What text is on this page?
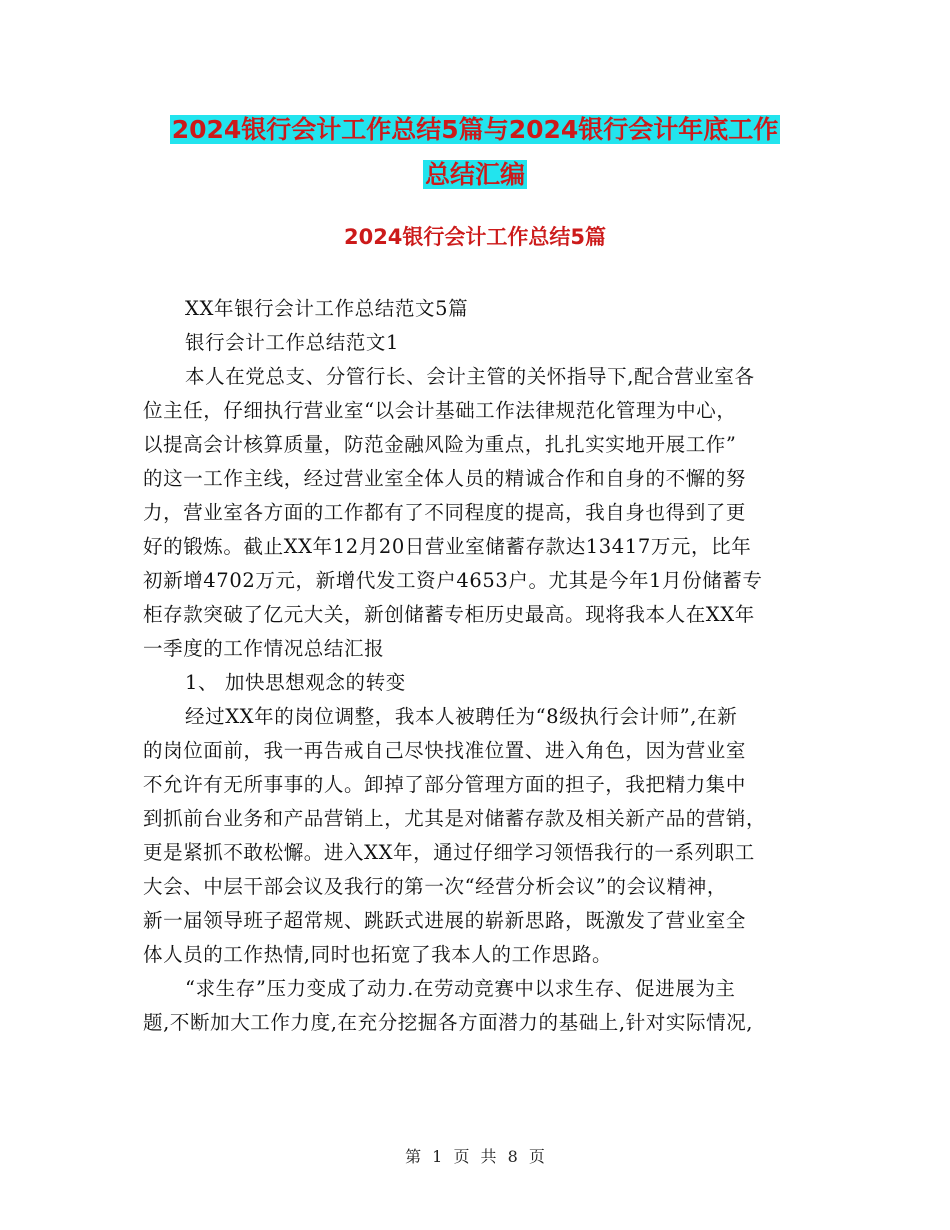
2024银行会计工作总结5篇与2024银行会计年底工作
总结汇编
2024银行会计工作总结5篇
XX年银行会计工作总结范文5篇
银行会计工作总结范文1
本人在党总支、分管行长、会计主管的关怀指导下,配合营业室各
位主任，仔细执行营业室“以会计基础工作法律规范化管理为中心，
以提高会计核算质量，防范金融风险为重点，扎扎实实地开展工作”
的这一工作主线，经过营业室全体人员的精诚合作和自身的不懈的努
力，营业室各方面的工作都有了不同程度的提高，我自身也得到了更
好的锻炼。截止XX年12月20日营业室储蓄存款达13417万元，比年
初新增4702万元，新增代发工资户4653户。尤其是今年1月份储蓄专
柜存款突破了亿元大关，新创储蓄专柜历史最高。现将我本人在XX年
一季度的工作情况总结汇报
1、 加快思想观念的转变
经过XX年的岗位调整，我本人被聘任为“8级执行会计师”,在新
的岗位面前，我一再告戒自己尽快找准位置、进入角色，因为营业室
不允许有无所事事的人。卸掉了部分管理方面的担子，我把精力集中
到抓前台业务和产品营销上，尤其是对储蓄存款及相关新产品的营销，
更是紧抓不敢松懈。进入XX年，通过仔细学习领悟我行的一系列职工
大会、中层干部会议及我行的第一次“经营分析会议”的会议精神，
新一届领导班子超常规、跳跃式进展的崭新思路，既激发了营业室全
体人员的工作热情,同时也拓宽了我本人的工作思路。
“求生存”压力变成了动力.在劳动竞赛中以求生存、促进展为主
题,不断加大工作力度,在充分挖掘各方面潜力的基础上,针对实际情况,
第 1 页 共 8 页
